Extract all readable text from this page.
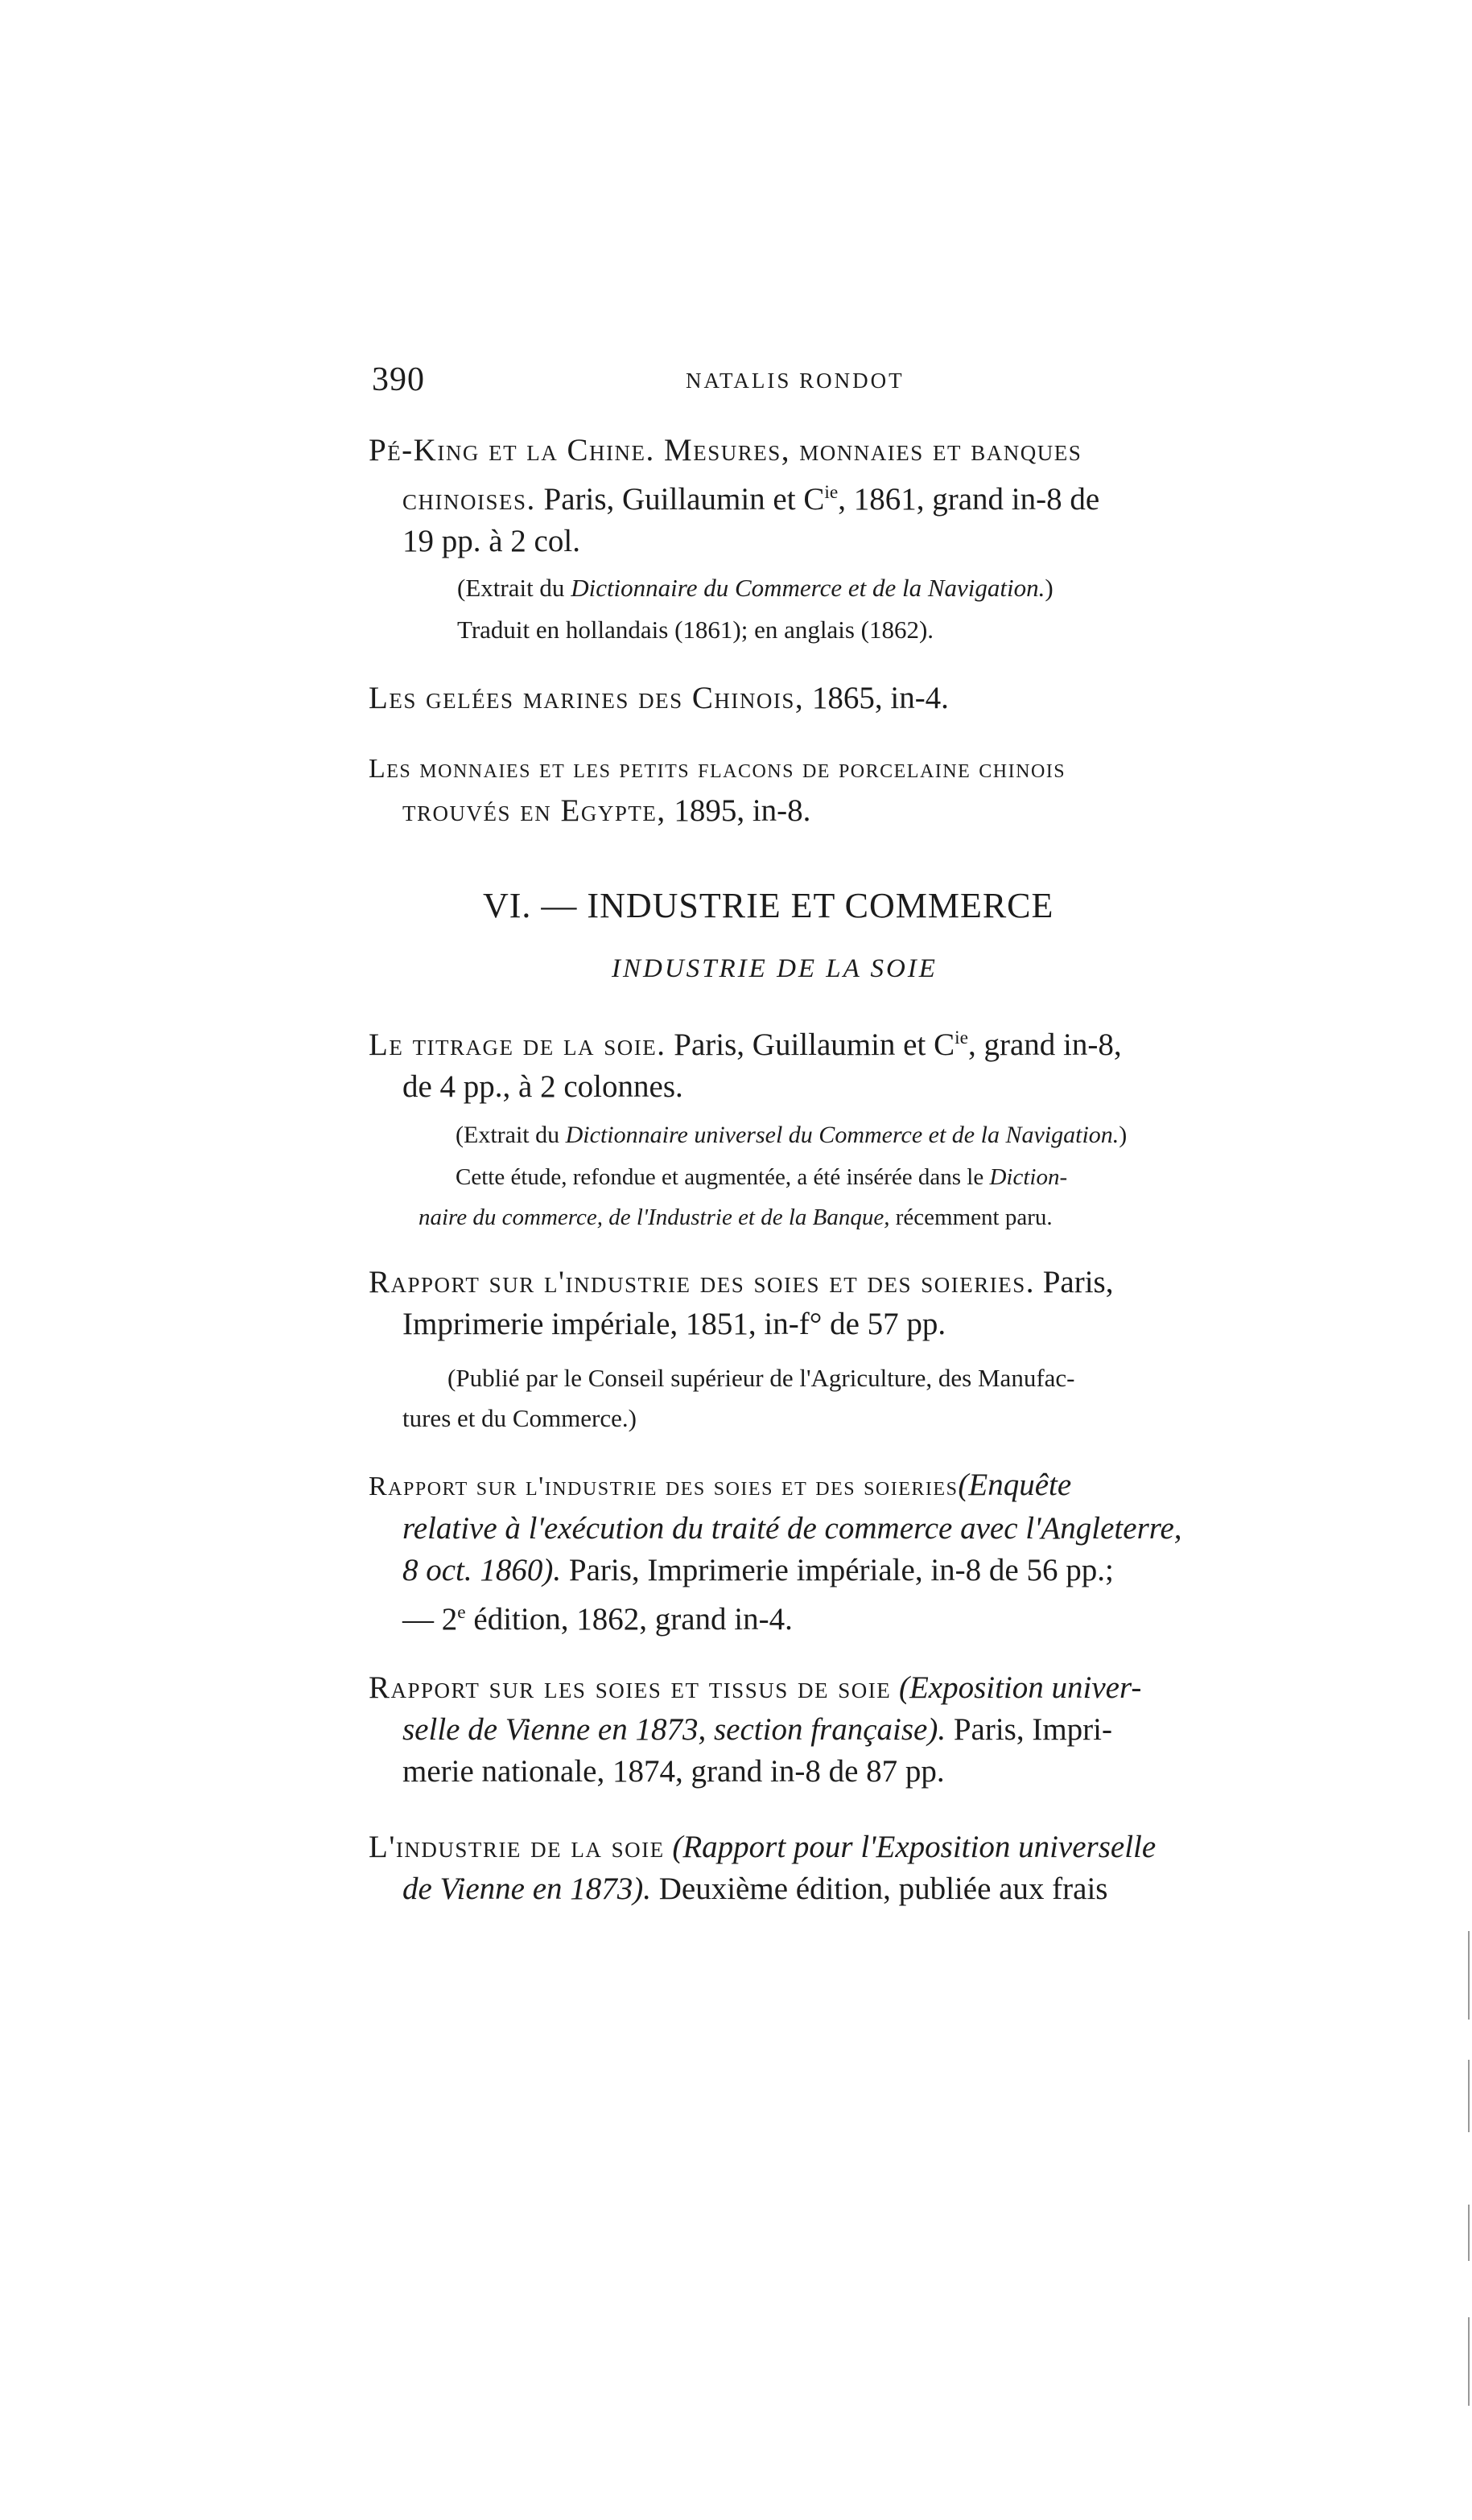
390	NATALIS RONDOT
Pé-King et la Chine. Mesures, monnaies et banques
chinoises. Paris, Guillaumin et $C^{ie}$, 1861, grand in-8 de
19 pp. à 2 col.
(Extrait du Dictionnaire du Commerce et de la Navigation.)
Traduit en hollandais (1861); en anglais (1862).
Les gelées marines des Chinois, 1865, in-4.
Les monnaies et les petits flacons de porcelaine chinois
trouvés en Egypte, 1895, in-8.
VI. — INDUSTRIE ET COMMERCE
INDUSTRIE DE LA SOIE
Le titrage de la soie. Paris, Guillaumin et $C^{ie}$, grand in-8,
de 4 pp., à 2 colonnes.
(Extrait du Dictionnaire universel du Commerce et de la Navigation.)
Cette étude, refondue et augmentée, a été insérée dans le Diction-
naire du commerce, de l'Industrie et de la Banque, récemment paru.
Rapport sur l'industrie des soies et des soieries. Paris,
Imprimerie impériale, 1851, in-f° de 57 pp.
(Publié par le Conseil supérieur de l'Agriculture, des Manufac-
tures et du Commerce.)
Rapport sur l'industrie des soies et des soieries(Enquête
relative à l'exécution du traité de commerce avec l'Angleterre,
8 oct. 1860). Paris, Imprimerie impériale, in-8 de 56 pp.;
— 2e édition, 1862, grand in-4.
Rapport sur les soies et tissus de soie (Exposition univer-
selle de Vienne en 1873, section française). Paris, Impri-
merie nationale, 1874, grand in-8 de 87 pp.
L'industrie de la soie (Rapport pour l'Exposition universelle
de Vienne en 1873). Deuxième édition, publiée aux frais
